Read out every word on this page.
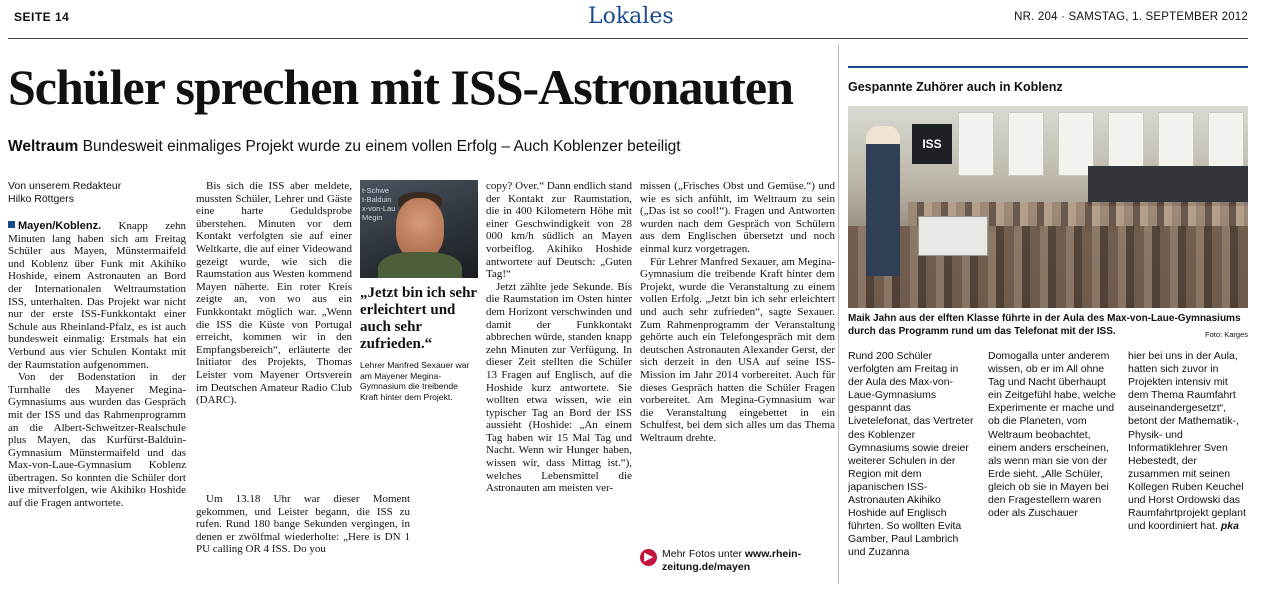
SEITE 14	Lokales	NR. 204 · SAMSTAG, 1. SEPTEMBER 2012
Schüler sprechen mit ISS-Astronauten
Weltraum Bundesweit einmaliges Projekt wurde zu einem vollen Erfolg – Auch Koblenzer beteiligt
Von unserem Redakteur
Hilko Röttgers

Mayen/Koblenz. Knapp zehn Minuten lang haben sich am Freitag Schüler aus Mayen, Münstermaifeld und Koblenz über Funk mit Akihiko Hoshide, einem Astronauten an Bord der Internationalen Weltraumstation ISS, unterhalten. Das Projekt war nicht nur der erste ISS-Funkkontakt einer Schule aus Rheinland-Pfalz, es ist auch bundesweit einmalig: Erstmals hat ein Verbund aus vier Schulen Kontakt mit der Raumstation aufgenommen.

Von der Bodenstation in der Turnhalle des Mayener Megina-Gymnasiums aus wurden das Gespräch mit der ISS und das Rahmenprogramm an die Albert-Schweitzer-Realschule plus Mayen, das Kurfürst-Balduin-Gymnasium Münstermaifeld und das Max-von-Laue-Gymnasium Koblenz übertragen. So konnten die Schüler dort live mitverfolgen, wie Akihiko Hoshide auf die Fragen antwortete.

Bis sich die ISS aber meldete, mussten Schüler, Lehrer und Gäste eine harte Geduldsprobe überstehen. Minuten vor dem Kontakt verfolgten sie auf einer Weltkarte, die auf einer Videowand gezeigt wurde, wie sich die Raumstation aus Westen kommend Mayen näherte. Ein roter Kreis zeigte an, von wo aus ein Funkkontakt möglich war. „Wenn die ISS die Küste von Portugal erreicht, kommen wir in den Empfangsbereich“, erläuterte der Initiator des Projekts, Thomas Leister vom Mayener Ortsverein im Deutschen Amateur Radio Club (DARC).

Um 13.18 Uhr war dieser Moment gekommen, und Leister begann, die ISS zu rufen. Rund 180 bange Sekunden vergingen, in denen er zwölfmal wiederholte: „Here is DN 1 PU calling OR 4 ISS. Do you

t-Schwe
t-Balduin
x-von-Lau
Megin
„Jetzt bin ich sehr erleichtert und auch sehr zufrieden.“
Lehrer Manfred Sexauer war am Mayener Megina-Gymnasium die treibende Kraft hinter dem Projekt.

copy? Over.“ Dann endlich stand der Kontakt zur Raumstation, die in 400 Kilometern Höhe mit einer Geschwindigkeit von 28 000 km/h südlich an Mayen vorbeiflog. Akihiko Hoshide antwortete auf Deutsch: „Guten Tag!“

Jetzt zählte jede Sekunde. Bis die Raumstation im Osten hinter dem Horizont verschwinden und damit der Funkkontakt abbrechen würde, standen knapp zehn Minuten zur Verfügung. In dieser Zeit stellten die Schüler 13 Fragen auf Englisch, auf die Hoshide kurz antwortete. Sie wollten etwa wissen, wie ein typischer Tag an Bord der ISS aussieht (Hoshide: „An einem Tag haben wir 15 Mal Tag und Nacht. Wenn wir Hunger haben, wissen wir, dass Mittag ist.“), welches Lebensmittel die Astronauten am meisten ver-

missen („Frisches Obst und Gemüse.“) und wie es sich anfühlt, im Weltraum zu sein („Das ist so cool!“). Fragen und Antworten wurden nach dem Gespräch von Schülern aus dem Englischen übersetzt und noch einmal kurz vorgetragen.

Für Lehrer Manfred Sexauer, am Megina-Gymnasium die treibende Kraft hinter dem Projekt, wurde die Veranstaltung zu einem vollen Erfolg. „Jetzt bin ich sehr erleichtert und auch sehr zufrieden“, sagte Sexauer. Zum Rahmenprogramm der Veranstaltung gehörte auch ein Telefongespräch mit dem deutschen Astronauten Alexander Gerst, der sich derzeit in den USA auf seine ISS-Mission im Jahr 2014 vorbereitet. Auch für dieses Gespräch hatten die Schüler Fragen vorbereitet. Am Megina-Gymnasium war die Veranstaltung eingebettet in ein Schulfest, bei dem sich alles um das Thema Weltraum drehte.

▶ Mehr Fotos unter www.rhein-zeitung.de/mayen
Gespannte Zuhörer auch in Koblenz
ISS
Maik Jahn aus der elften Klasse führte in der Aula des Max-von-Laue-Gymnasiums durch das Programm rund um das Telefonat mit der ISS.	Foto: Karges
Rund 200 Schüler verfolgten am Freitag in der Aula des Max-von-Laue-Gymnasiums gespannt das Livetelefonat, das Vertreter des Koblenzer Gymnasiums sowie dreier weiterer Schulen in der Region mit dem japanischen ISS-Astronauten Akihiko Hoshide auf Englisch führten. So wollten Evita Gamber, Paul Lambrich und Zuzanna
Domogalla unter anderem wissen, ob er im All ohne Tag und Nacht überhaupt ein Zeitgefühl habe, welche Experimente er mache und ob die Planeten, vom Weltraum beobachtet, einem anders erscheinen, als wenn man sie von der Erde sieht. „Alle Schüler, gleich ob sie in Mayen bei den Fragestellern waren oder als Zuschauer
hier bei uns in der Aula, hatten sich zuvor in Projekten intensiv mit dem Thema Raumfahrt auseinandergesetzt“, betont der Mathematik-, Physik- und Informatiklehrer Sven Hebestedt, der zusammen mit seinen Kollegen Ruben Keuchel und Horst Ordowski das Raumfahrtprojekt geplant und koordiniert hat. pka
